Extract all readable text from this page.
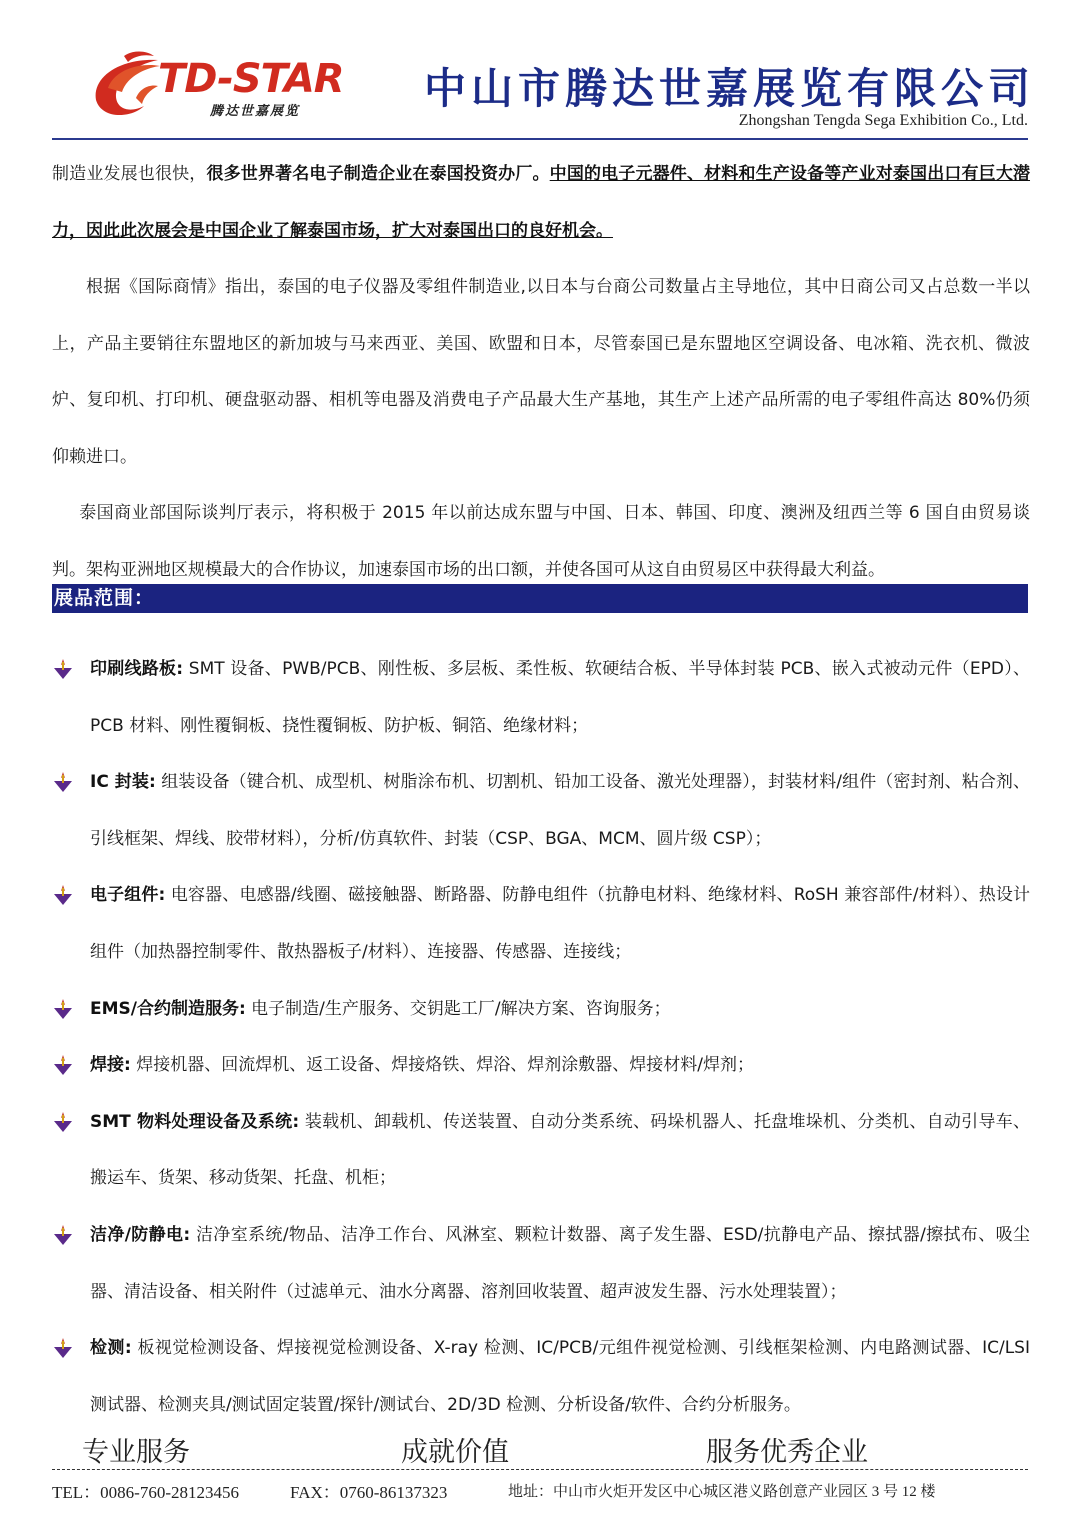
TD-STAR
腾达世嘉展览	中山市腾达世嘉展览有限公司
Zhongshan Tengda Sega Exhibition Co., Ltd.

制造业发展也很快，很多世界著名电子制造企业在泰国投资办厂。中国的电子元器件、材料和生产设备等产业对泰国出口有巨大潜力，因此此次展会是中国企业了解泰国市场，扩大对泰国出口的良好机会。

根据《国际商情》指出，泰国的电子仪器及零组件制造业,以日本与台商公司数量占主导地位，其中日商公司又占总数一半以上，产品主要销往东盟地区的新加坡与马来西亚、美国、欧盟和日本，尽管泰国已是东盟地区空调设备、电冰箱、洗衣机、微波炉、复印机、打印机、硬盘驱动器、相机等电器及消费电子产品最大生产基地，其生产上述产品所需的电子零组件高达 80%仍须仰赖进口。

泰国商业部国际谈判厅表示，将积极于 2015 年以前达成东盟与中国、日本、韩国、印度、澳洲及纽西兰等 6 国自由贸易谈判。架构亚洲地区规模最大的合作协议，加速泰国市场的出口额，并使各国可从这自由贸易区中获得最大利益。

展品范围：
印刷线路板: SMT 设备、PWB/PCB、刚性板、多层板、柔性板、软硬结合板、半导体封装 PCB、嵌入式被动元件（EPD）、PCB 材料、刚性覆铜板、挠性覆铜板、防护板、铜箔、绝缘材料；
IC 封装: 组装设备（键合机、成型机、树脂涂布机、切割机、铅加工设备、激光处理器），封装材料/组件（密封剂、粘合剂、引线框架、焊线、胶带材料），分析/仿真软件、封装（CSP、BGA、MCM、圆片级 CSP）；
电子组件: 电容器、电感器/线圈、磁接触器、断路器、防静电组件（抗静电材料、绝缘材料、RoSH 兼容部件/材料）、热设计组件（加热器控制零件、散热器板子/材料）、连接器、传感器、连接线；
EMS/合约制造服务: 电子制造/生产服务、交钥匙工厂/解决方案、咨询服务；
焊接: 焊接机器、回流焊机、返工设备、焊接烙铁、焊浴、焊剂涂敷器、焊接材料/焊剂；
SMT 物料处理设备及系统: 装载机、卸载机、传送装置、自动分类系统、码垛机器人、托盘堆垛机、分类机、自动引导车、搬运车、货架、移动货架、托盘、机柜；
洁净/防静电: 洁净室系统/物品、洁净工作台、风淋室、颗粒计数器、离子发生器、ESD/抗静电产品、擦拭器/擦拭布、吸尘器、清洁设备、相关附件（过滤单元、油水分离器、溶剂回收装置、超声波发生器、污水处理装置）；
检测: 板视觉检测设备、焊接视觉检测设备、X-ray 检测、IC/PCB/元组件视觉检测、引线框架检测、内电路测试器、IC/LSI 测试器、检测夹具/测试固定装置/探针/测试台、2D/3D 检测、分析设备/软件、合约分析服务。
专业服务	成就价值	服务优秀企业
TEL：0086-760-28123456	FAX：0760-86137323	地址：中山市火炬开发区中心城区港义路创意产业园区 3 号 12 楼
